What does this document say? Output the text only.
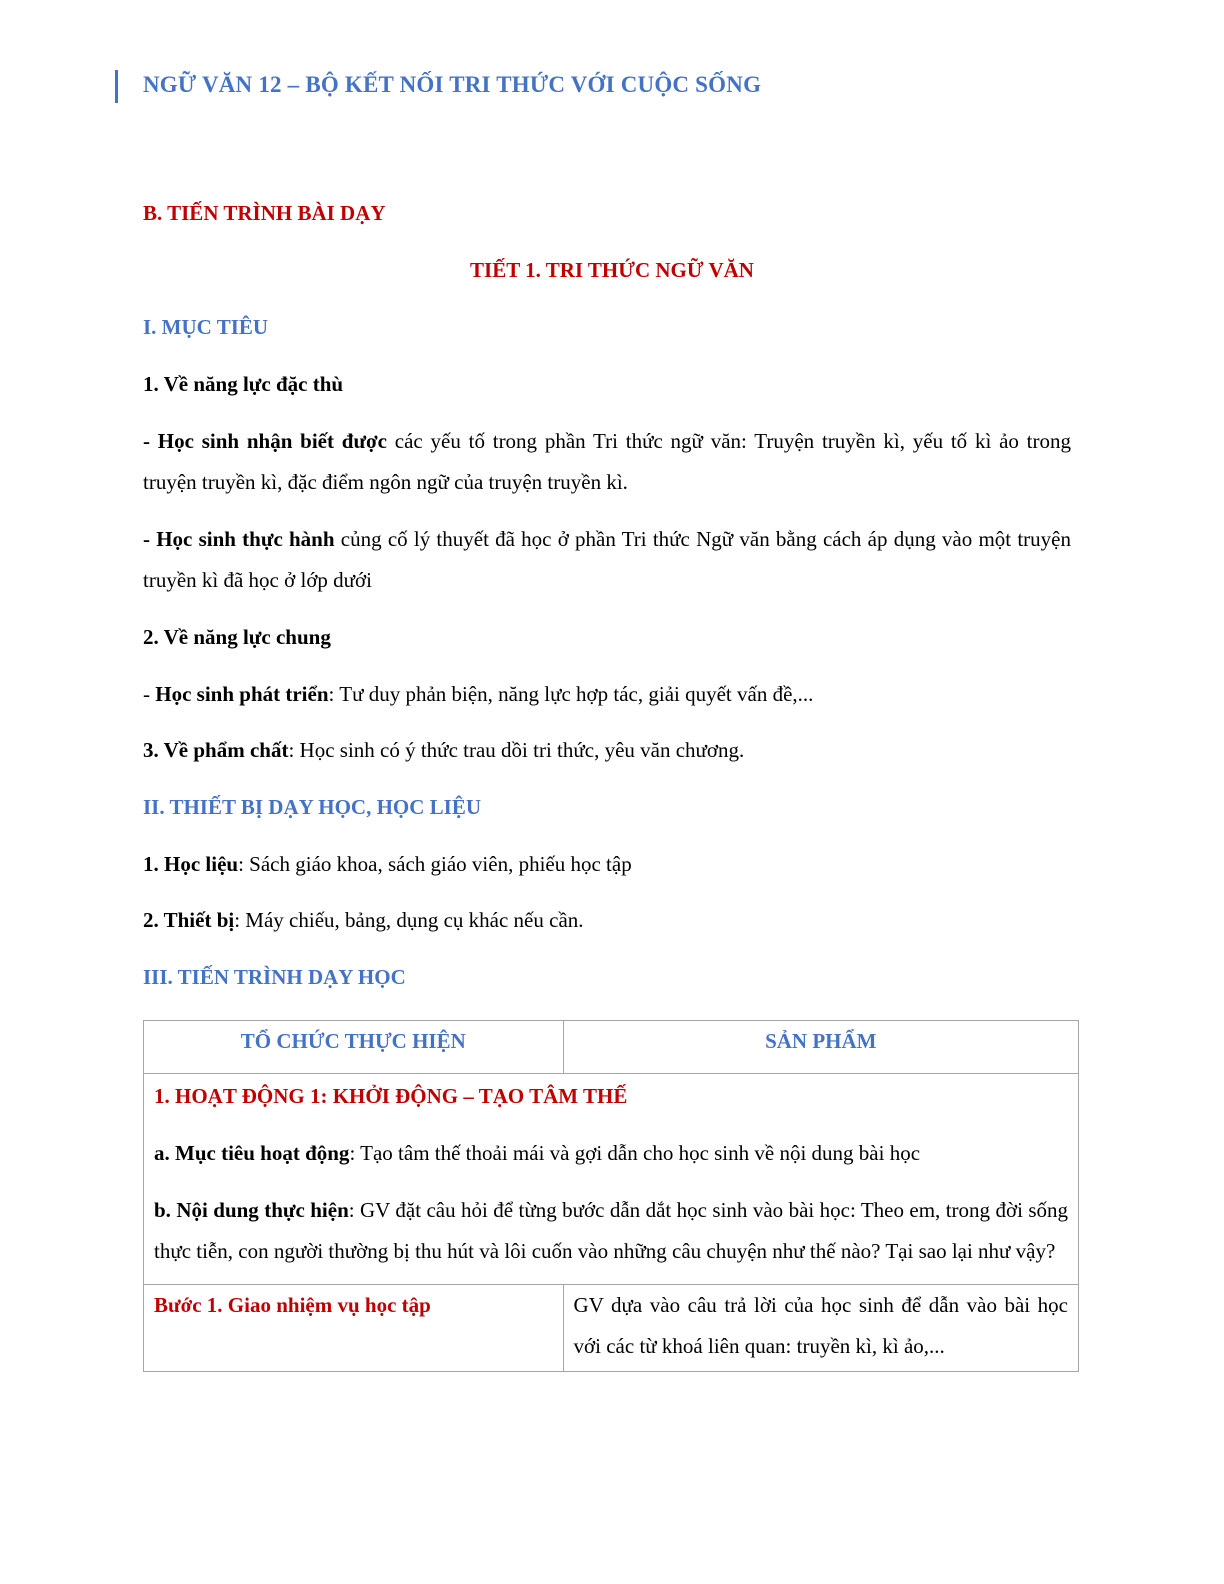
NGỮ VĂN 12 – BỘ KẾT NỐI TRI THỨC VỚI CUỘC SỐNG
B. TIẾN TRÌNH BÀI DẠY
TIẾT 1. TRI THỨC NGỮ VĂN
I. MỤC TIÊU
1. Về năng lực đặc thù
- Học sinh nhận biết được các yếu tố trong phần Tri thức ngữ văn: Truyện truyền kì, yếu tố kì ảo trong truyện truyền kì, đặc điểm ngôn ngữ của truyện truyền kì.
- Học sinh thực hành củng cố lý thuyết đã học ở phần Tri thức Ngữ văn bằng cách áp dụng vào một truyện truyền kì đã học ở lớp dưới
2. Về năng lực chung
- Học sinh phát triển: Tư duy phản biện, năng lực hợp tác, giải quyết vấn đề,...
3. Về phẩm chất: Học sinh có ý thức trau dồi tri thức, yêu văn chương.
II. THIẾT BỊ DẠY HỌC, HỌC LIỆU
1. Học liệu: Sách giáo khoa, sách giáo viên, phiếu học tập
2. Thiết bị: Máy chiếu, bảng, dụng cụ khác nếu cần.
III. TIẾN TRÌNH DẠY HỌC
TỔ CHỨC THỰC HIỆN	SẢN PHẨM

1. HOẠT ĐỘNG 1: KHỞI ĐỘNG – TẠO TÂM THẾ

a. Mục tiêu hoạt động: Tạo tâm thế thoải mái và gợi dẫn cho học sinh về nội dung bài học

b. Nội dung thực hiện: GV đặt câu hỏi để từng bước dẫn dắt học sinh vào bài học: Theo em, trong đời sống thực tiễn, con người thường bị thu hút và lôi cuốn vào những câu chuyện như thế nào? Tại sao lại như vậy?	

Bước 1. Giao nhiệm vụ học tập	GV dựa vào câu trả lời của học sinh để dẫn vào bài học với các từ khoá liên quan: truyền kì, kì ảo,...
